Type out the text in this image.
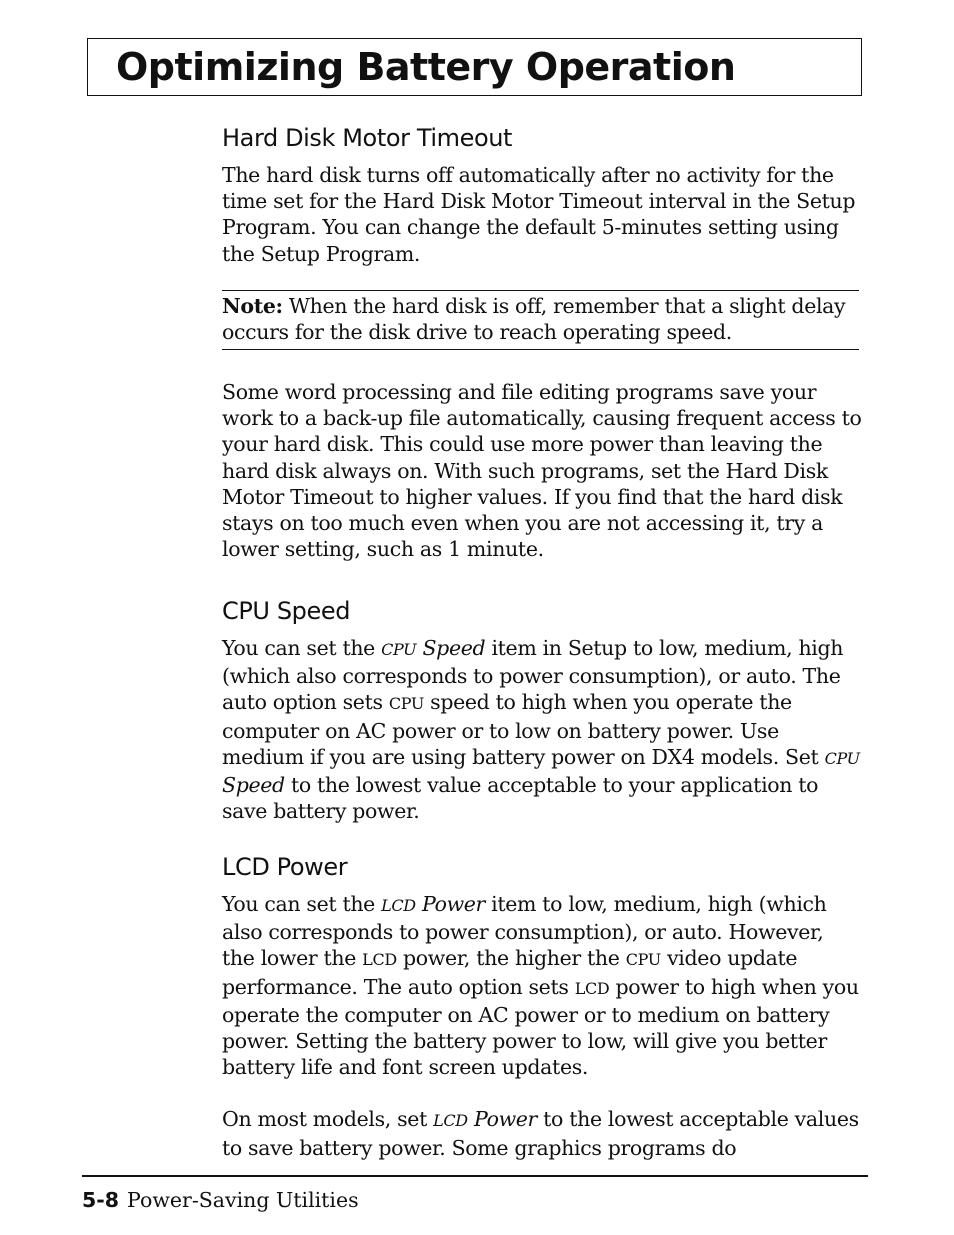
Optimizing Battery Operation
Hard Disk Motor Timeout

The hard disk turns off automatically after no activity for the time set for the Hard Disk Motor Timeout interval in the Setup Program. You can change the default 5-minutes setting using the Setup Program.

Note: When the hard disk is off, remember that a slight delay occurs for the disk drive to reach operating speed.

Some word processing and file editing programs save your work to a back-up file automatically, causing frequent access to your hard disk. This could use more power than leaving the hard disk always on. With such programs, set the Hard Disk Motor Timeout to higher values. If you find that the hard disk stays on too much even when you are not accessing it, try a lower setting, such as 1 minute.

CPU Speed

You can set the CPU Speed item in Setup to low, medium, high (which also corresponds to power consumption), or auto. The auto option sets CPU speed to high when you operate the computer on AC power or to low on battery power. Use medium if you are using battery power on DX4 models. Set CPU Speed to the lowest value acceptable to your application to save battery power.

LCD Power

You can set the LCD Power item to low, medium, high (which also corresponds to power consumption), or auto. However, the lower the LCD power, the higher the CPU video update performance. The auto option sets LCD power to high when you operate the computer on AC power or to medium on battery power. Setting the battery power to low, will give you better battery life and font screen updates.

On most models, set LCD Power to the lowest acceptable values to save battery power. Some graphics programs do

5-8 Power-Saving Utilities
